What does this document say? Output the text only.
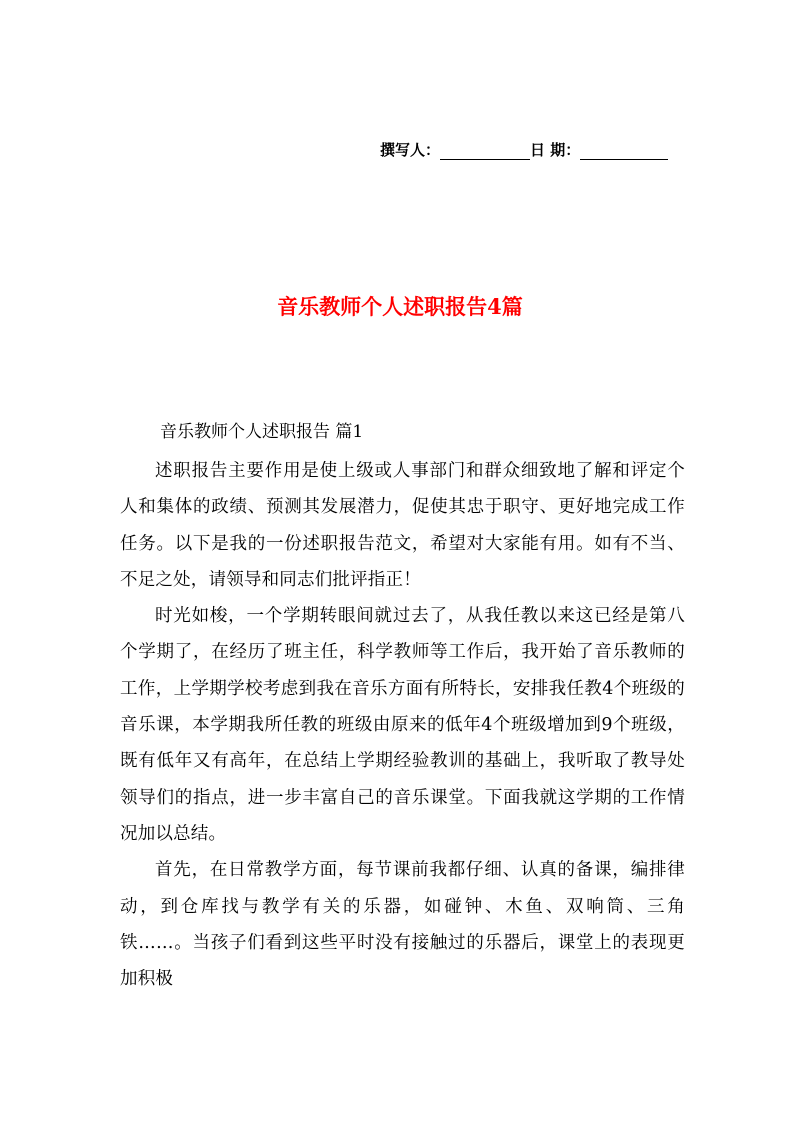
撰写人：	日 期：
音乐教师个人述职报告4篇
音乐教师个人述职报告 篇1

述职报告主要作用是使上级或人事部门和群众细致地了解和评定个人和集体的政绩、预测其发展潜力，促使其忠于职守、更好地完成工作任务。以下是我的一份述职报告范文，希望对大家能有用。如有不当、不足之处，请领导和同志们批评指正！

时光如梭，一个学期转眼间就过去了，从我任教以来这已经是第八个学期了，在经历了班主任，科学教师等工作后，我开始了音乐教师的工作，上学期学校考虑到我在音乐方面有所特长，安排我任教4个班级的音乐课，本学期我所任教的班级由原来的低年4个班级增加到9个班级，既有低年又有高年，在总结上学期经验教训的基础上，我听取了教导处领导们的指点，进一步丰富自己的音乐课堂。下面我就这学期的工作情况加以总结。

首先，在日常教学方面，每节课前我都仔细、认真的备课，编排律动，到仓库找与教学有关的乐器，如碰钟、木鱼、双响筒、三角铁……。当孩子们看到这些平时没有接触过的乐器后，课堂上的表现更加积极
